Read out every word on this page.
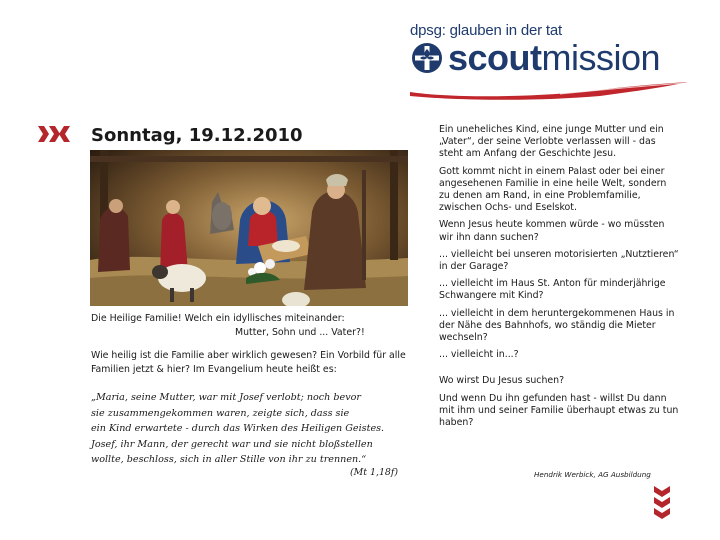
dpsg: glauben in der tat
scout mission
Sonntag, 19.12.2010
Die Heilige Familie! Welch ein idyllisches miteinander:
Mutter, Sohn und ... Vater?!
Wie heilig ist die Familie aber wirklich gewesen? Ein Vorbild für alle Familien jetzt & hier? Im Evangelium heute heißt es:
„Maria, seine Mutter, war mit Josef verlobt; noch bevor
sie zusammengekommen waren, zeigte sich, dass sie
ein Kind erwartete - durch das Wirken des Heiligen Geistes.
Josef, ihr Mann, der gerecht war und sie nicht bloßstellen
wollte, beschloss, sich in aller Stille von ihr zu trennen.“
(Mt 1,18f)

Ein uneheliches Kind, eine junge Mutter und ein „Vater“, der seine Verlobte verlassen will - das steht am Anfang der Geschichte Jesu.

Gott kommt nicht in einem Palast oder bei einer angesehenen Familie in eine heile Welt, sondern zu denen am Rand, in eine Problemfamilie, zwischen Ochs- und Eselskot.

Wenn Jesus heute kommen würde - wo müssten wir ihn dann suchen?

... vielleicht bei unseren motorisierten „Nutztieren“ in der Garage?

... vielleicht im Haus St. Anton für minderjährige Schwangere mit Kind?

... vielleicht in dem heruntergekommenen Haus in der Nähe des Bahnhofs, wo ständig die Mieter wechseln?

... vielleicht in...?

Wo wirst Du Jesus suchen?

Und wenn Du ihn gefunden hast - willst Du dann mit ihm und seiner Familie überhaupt etwas zu tun haben?

Hendrik Werbick, AG Ausbildung
